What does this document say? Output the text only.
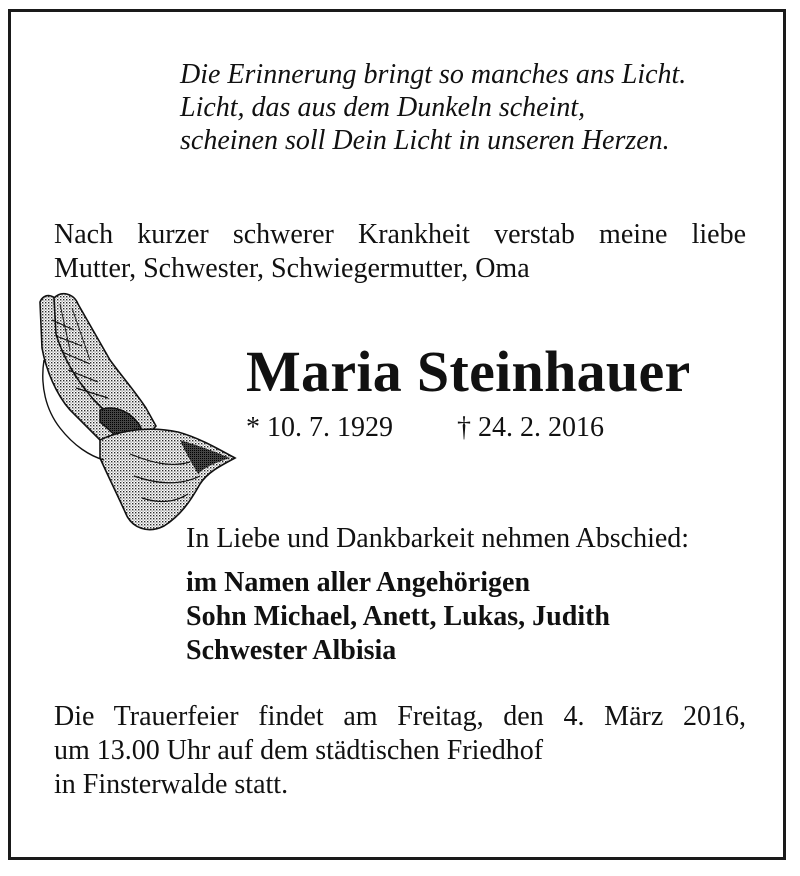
Die Erinnerung bringt so manches ans Licht.
Licht, das aus dem Dunkeln scheint,
scheinen soll Dein Licht in unseren Herzen.
Nach kurzer schwerer Krankheit verstab meine liebe
Mutter, Schwester, Schwiegermutter, Oma
Maria Steinhauer
* 10. 7. 1929 † 24. 2. 2016
In Liebe und Dankbarkeit nehmen Abschied:
im Namen aller Angehörigen
Sohn Michael, Anett, Lukas, Judith
Schwester Albisia
Die Trauerfeier findet am Freitag, den 4. März 2016,
um 13.00 Uhr auf dem städtischen Friedhof
in Finsterwalde statt.
